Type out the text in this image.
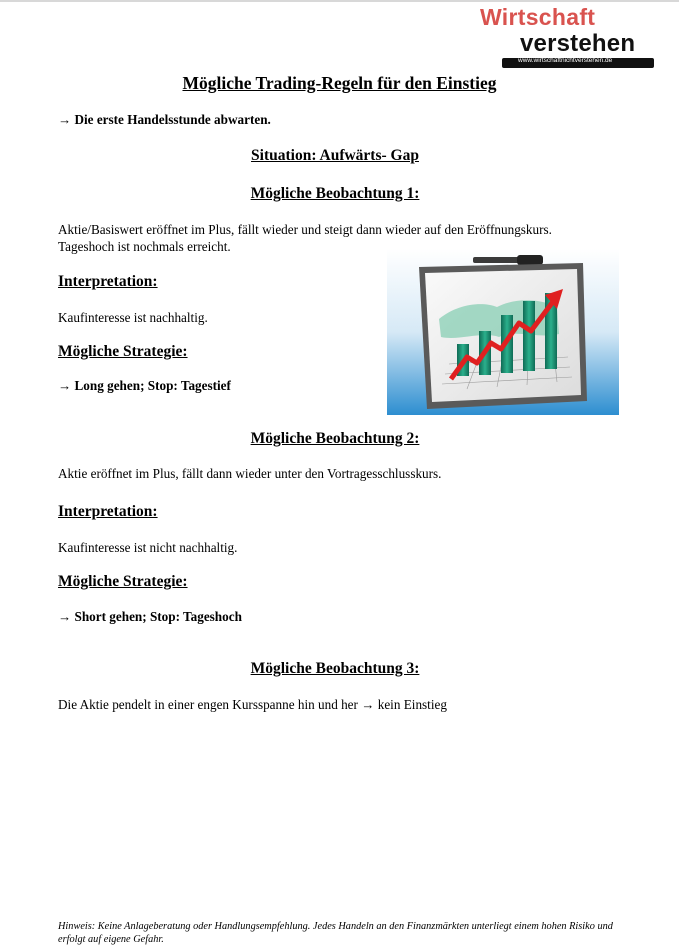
Wirtschaft
verstehen
www.wirtschaftnichtverstehen.de
Mögliche Trading-Regeln für den Einstieg
→ Die erste Handelsstunde abwarten.
Situation: Aufwärts- Gap
Mögliche Beobachtung 1:
Aktie/Basiswert eröffnet im Plus, fällt wieder und steigt dann wieder auf den Eröffnungskurs.
Tageshoch ist nochmals erreicht.
Interpretation:
Kaufinteresse ist nachhaltig.
Mögliche Strategie:
→ Long gehen; Stop: Tagestief
Mögliche Beobachtung 2:
Aktie eröffnet im Plus, fällt dann wieder unter den Vortragesschlusskurs.
Interpretation:
Kaufinteresse ist nicht nachhaltig.
Mögliche Strategie:
→ Short gehen; Stop: Tageshoch
Mögliche Beobachtung 3:
Die Aktie pendelt in einer engen Kursspanne hin und her → kein Einstieg
Hinweis: Keine Anlageberatung oder Handlungsempfehlung. Jedes Handeln an den Finanzmärkten unterliegt einem hohen Risiko und erfolgt auf eigene Gefahr.
